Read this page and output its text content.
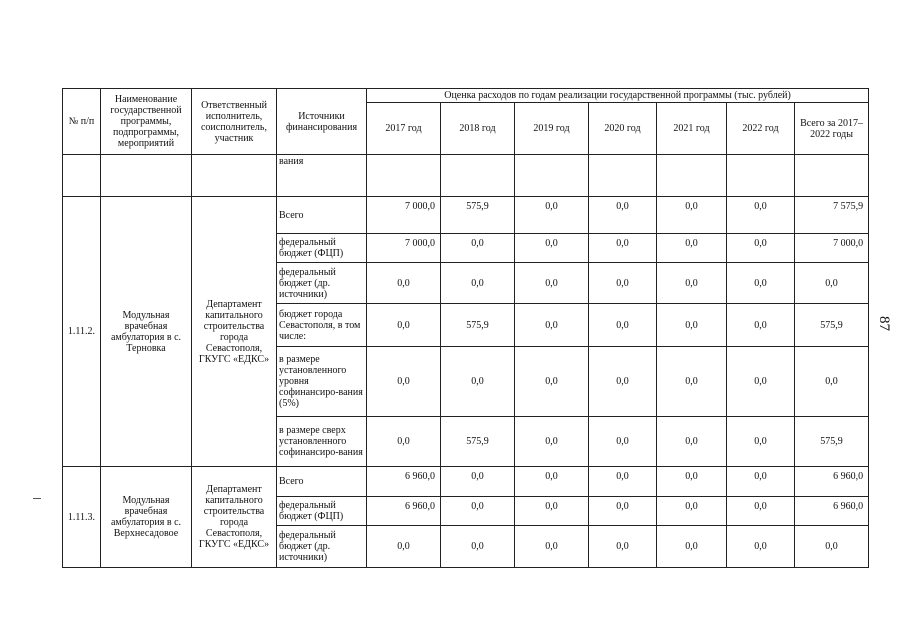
№ п/п	Наименование государственной программы, подпрограммы, мероприятий	Ответственный исполнитель, соисполнитель, участник	Источники финансирования	Оценка расходов по годам реализации государственной программы (тыс. рублей)						
				2017 год	2018 год	2019 год	2020 год	2021 год	2022 год	Всего за 2017–2022 годы
			вания							
1.11.2.	Модульная врачебная амбулатория в с. Терновка	Департамент капитального строительства города Севастополя, ГКУГС «ЕДКС»	Всего	7 000,0	575,9	0,0	0,0	0,0	0,0	7 575,9
			федеральный бюджет (ФЦП)	7 000,0	0,0	0,0	0,0	0,0	0,0	7 000,0
			федеральный бюджет (др. источники)	0,0	0,0	0,0	0,0	0,0	0,0	0,0
			бюджет города Севастополя, в том числе:	0,0	575,9	0,0	0,0	0,0	0,0	575,9
			в размере установленного уровня софинансиро-вания (5%)	0,0	0,0	0,0	0,0	0,0	0,0	0,0
			в размере сверх установленного софинансиро-вания	0,0	575,9	0,0	0,0	0,0	0,0	575,9
1.11.3.	Модульная врачебная амбулатория в с. Верхнесадовое	Департамент капитального строительства города Севастополя, ГКУГС «ЕДКС»	Всего	6 960,0	0,0	0,0	0,0	0,0	0,0	6 960,0
			федеральный бюджет (ФЦП)	6 960,0	0,0	0,0	0,0	0,0	0,0	6 960,0
			федеральный бюджет (др. источники)	0,0	0,0	0,0	0,0	0,0	0,0	0,0
87
